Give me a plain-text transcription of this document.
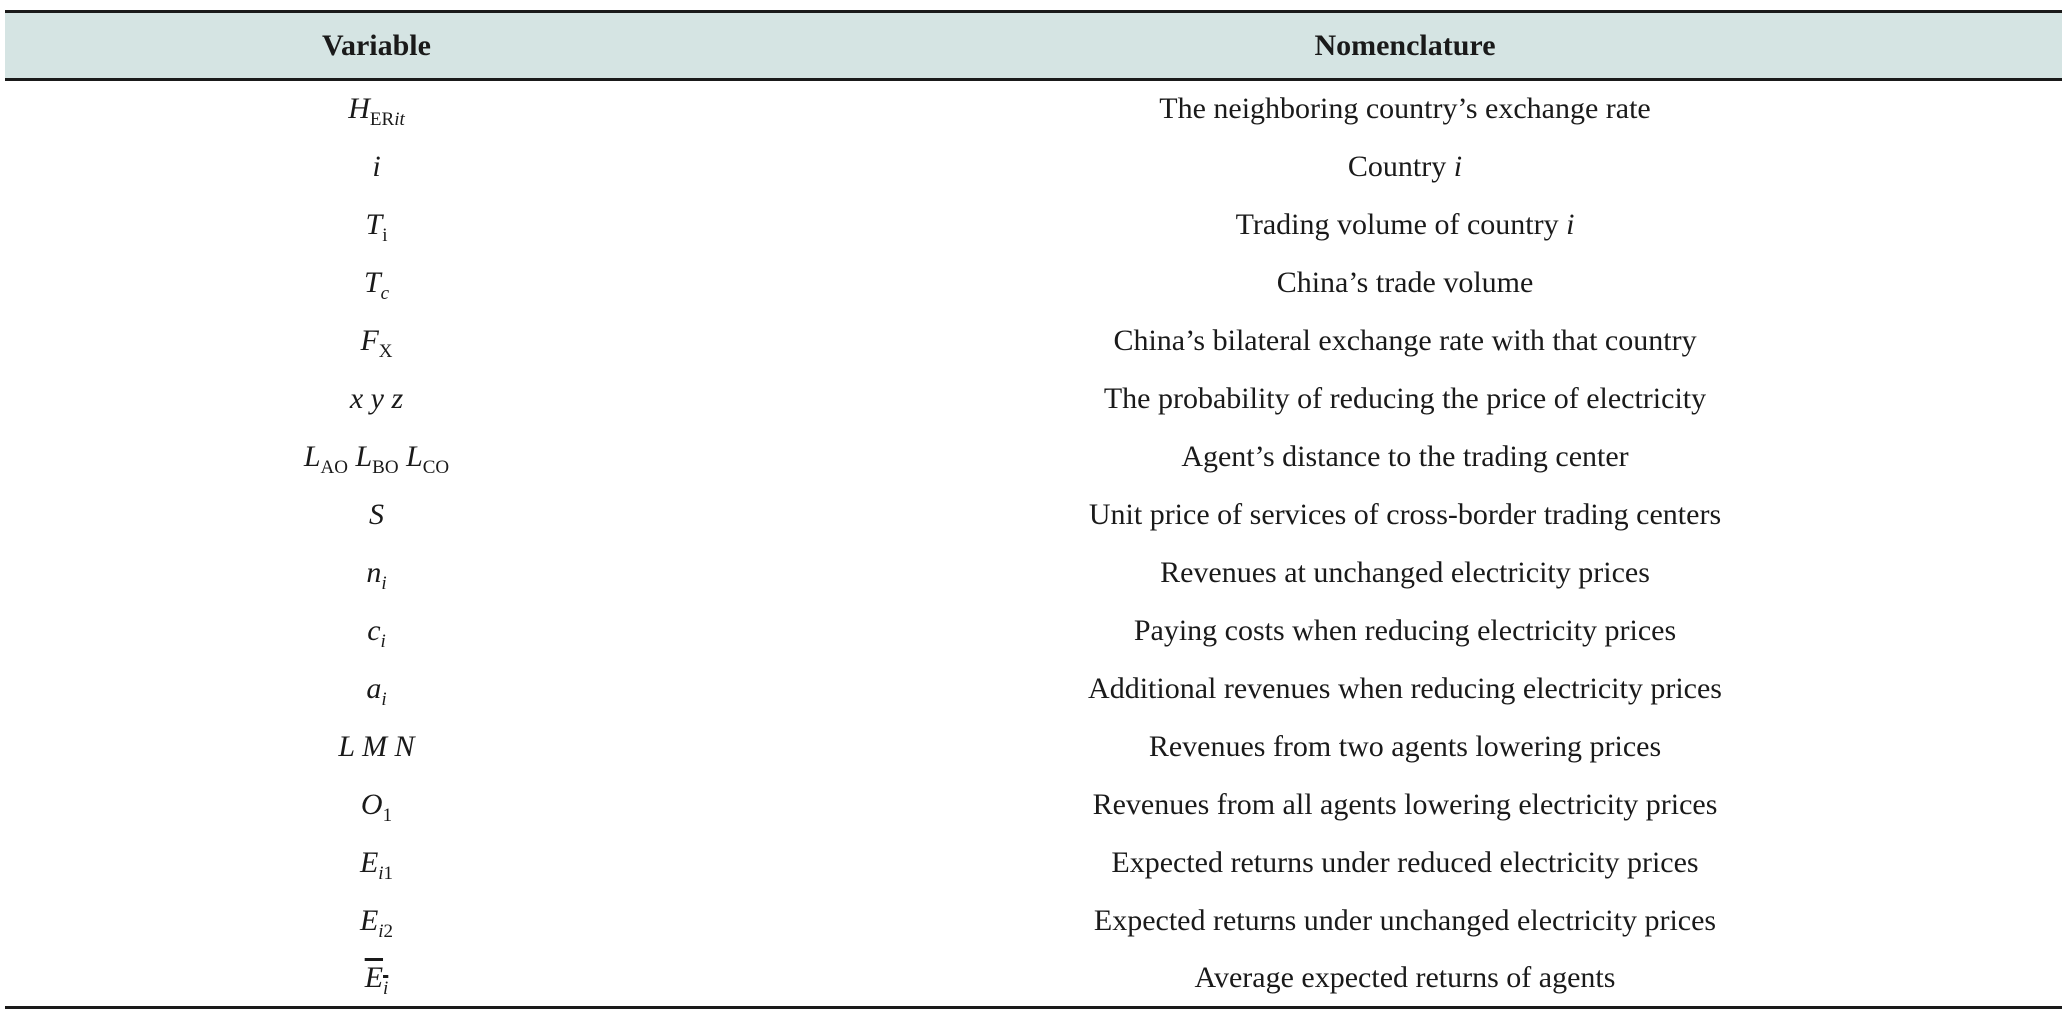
Variable	Nomenclature
$H_{ERit}$	The neighboring country’s exchange rate
i	Country i
$T_i$	Trading volume of country i
$T_c$	China’s trade volume
$F_X$	China’s bilateral exchange rate with that country
x y z	The probability of reducing the price of electricity
$L_{AO}$ $L_{BO}$ $L_{CO}$	Agent’s distance to the trading center
S	Unit price of services of cross-border trading centers
$n_i$	Revenues at unchanged electricity prices
$c_i$	Paying costs when reducing electricity prices
$a_i$	Additional revenues when reducing electricity prices
L M N	Revenues from two agents lowering prices
$O_1$	Revenues from all agents lowering electricity prices
$E_{i1}$	Expected returns under reduced electricity prices
$E_{i2}$	Expected returns under unchanged electricity prices
$E_i$	Average expected returns of agents
